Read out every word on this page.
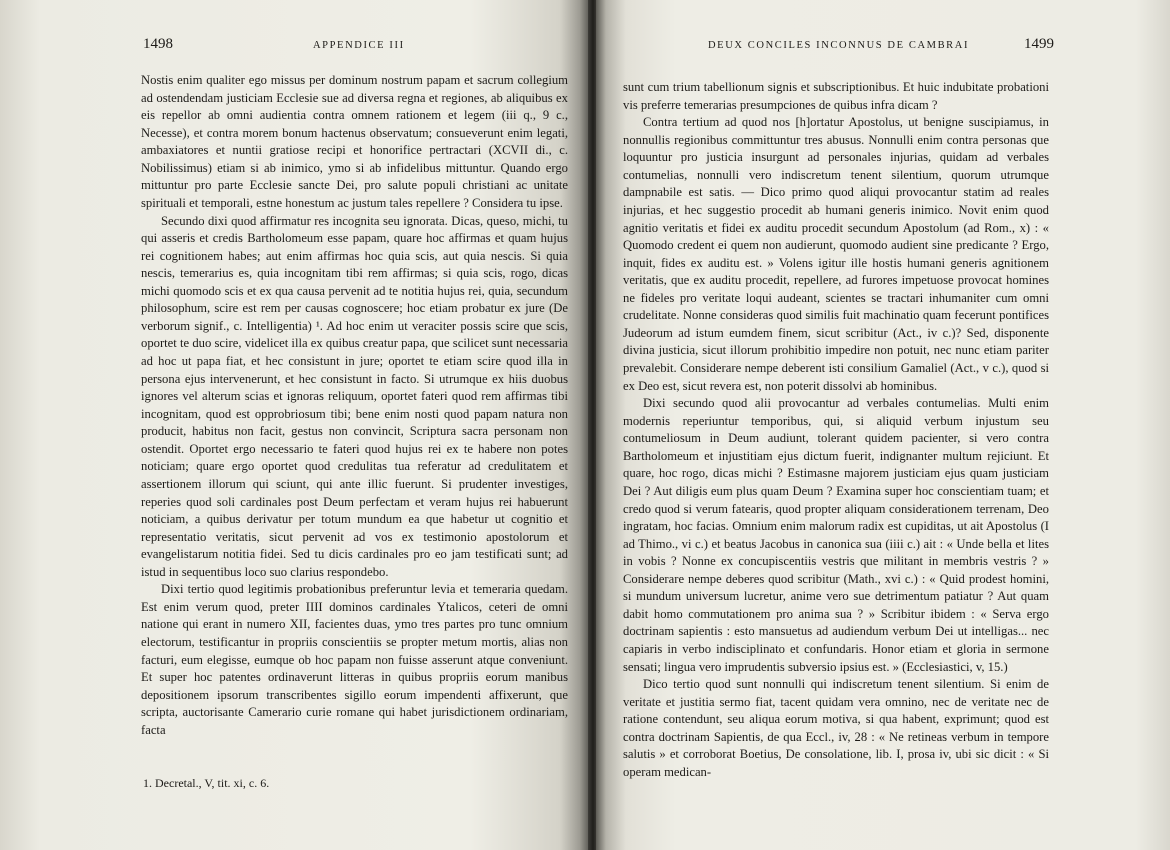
1498	APPENDICE III

Nostis enim qualiter ego missus per dominum nostrum papam et sacrum collegium ad ostendendam justiciam Ecclesie sue ad diversa regna et regiones, ab aliquibus ex eis repellor ab omni audientia contra omnem rationem et legem (iii q., 9 c., Necesse), et contra morem bonum hactenus observatum; consueverunt enim legati, ambaxiatores et nuntii gratiose recipi et honorifice pertractari (XCVII di., c. Nobilissimus) etiam si ab inimico, ymo si ab infidelibus mittuntur. Quando ergo mittuntur pro parte Ecclesie sancte Dei, pro salute populi christiani ac unitate spirituali et temporali, estne honestum ac justum tales repellere ? Considera tu ipse.

Secundo dixi quod affirmatur res incognita seu ignorata. Dicas, queso, michi, tu qui asseris et credis Bartholomeum esse papam, quare hoc affirmas et quam hujus rei cognitionem habes; aut enim affirmas hoc quia scis, aut quia nescis. Si quia nescis, temerarius es, quia incognitam tibi rem affirmas; si quia scis, rogo, dicas michi quomodo scis et ex qua causa pervenit ad te notitia hujus rei, quia, secundum philosophum, scire est rem per causas cognoscere; hoc etiam probatur ex jure (De verborum signif., c. Intelligentia) ¹. Ad hoc enim ut veraciter possis scire que scis, oportet te duo scire, videlicet illa ex quibus creatur papa, que scilicet sunt necessaria ad hoc ut papa fiat, et hec consistunt in jure; oportet te etiam scire quod illa in persona ejus intervenerunt, et hec consistunt in facto. Si utrumque ex hiis duobus ignores vel alterum scias et ignoras reliquum, oportet fateri quod rem affirmas tibi incognitam, quod est opprobriosum tibi; bene enim nosti quod papam natura non producit, habitus non facit, gestus non convincit, Scriptura sacra personam non ostendit. Oportet ergo necessario te fateri quod hujus rei ex te habere non potes noticiam; quare ergo oportet quod credulitas tua referatur ad credulitatem et assertionem illorum qui sciunt, qui ante illic fuerunt. Si prudenter investiges, reperies quod soli cardinales post Deum perfectam et veram hujus rei habuerunt noticiam, a quibus derivatur per totum mundum ea que habetur ut cognitio et representatio veritatis, sicut pervenit ad vos ex testimonio apostolorum et evangelistarum notitia fidei. Sed tu dicis cardinales pro eo jam testificati sunt; ad istud in sequentibus loco suo clarius respondebo.

Dixi tertio quod legitimis probationibus preferuntur levia et temeraria quedam. Est enim verum quod, preter IIII dominos cardinales Ytalicos, ceteri de omni natione qui erant in numero XII, facientes duas, ymo tres partes pro tunc omnium electorum, testificantur in propriis conscientiis se propter metum mortis, alias non facturi, eum elegisse, eumque ob hoc papam non fuisse asserunt atque conveniunt. Et super hoc patentes ordinaverunt litteras in quibus propriis eorum manibus depositionem ipsorum transcribentes sigillo eorum impendenti affixerunt, que scripta, auctorisante Camerario curie romane qui habet jurisdictionem ordinariam, facta

1. Decretal., V, tit. xi, c. 6.
DEUX CONCILES INCONNUS DE CAMBRAI	1499

sunt cum trium tabellionum signis et subscriptionibus. Et huic indubitate probationi vis preferre temerarias presumpciones de quibus infra dicam ?

Contra tertium ad quod nos [h]ortatur Apostolus, ut benigne suscipiamus, in nonnullis regionibus committuntur tres abusus. Nonnulli enim contra personas que loquuntur pro justicia insurgunt ad personales injurias, quidam ad verbales contumelias, nonnulli vero indiscretum tenent silentium, quorum utrumque dampnabile est satis. — Dico primo quod aliqui provocantur statim ad reales injurias, et hec suggestio procedit ab humani generis inimico. Novit enim quod agnitio veritatis et fidei ex auditu procedit secundum Apostolum (ad Rom., x) : « Quomodo credent ei quem non audierunt, quomodo audient sine predicante ? Ergo, inquit, fides ex auditu est. » Volens igitur ille hostis humani generis agnitionem veritatis, que ex auditu procedit, repellere, ad furores impetuose provocat homines ne fideles pro veritate loqui audeant, scientes se tractari inhumaniter cum omni crudelitate. Nonne consideras quod similis fuit machinatio quam fecerunt pontifices Judeorum ad istum eumdem finem, sicut scribitur (Act., iv c.)? Sed, disponente divina justicia, sicut illorum prohibitio impedire non potuit, nec nunc etiam pariter prevalebit. Considerare nempe deberent isti consilium Gamaliel (Act., v c.), quod si ex Deo est, sicut revera est, non poterit dissolvi ab hominibus.

Dixi secundo quod alii provocantur ad verbales contumelias. Multi enim modernis reperiuntur temporibus, qui, si aliquid verbum injustum seu contumeliosum in Deum audiunt, tolerant quidem pacienter, si vero contra Bartholomeum et injustitiam ejus dictum fuerit, indignanter multum rejiciunt. Et quare, hoc rogo, dicas michi ? Estimasne majorem justiciam ejus quam justiciam Dei ? Aut diligis eum plus quam Deum ? Examina super hoc conscientiam tuam; et credo quod si verum fatearis, quod propter aliquam considerationem terrenam, Deo ingratam, hoc facias. Omnium enim malorum radix est cupiditas, ut ait Apostolus (I ad Thimo., vi c.) et beatus Jacobus in canonica sua (iiii c.) ait : « Unde bella et lites in vobis ? Nonne ex concupiscentiis vestris que militant in membris vestris ? » Considerare nempe deberes quod scribitur (Math., xvi c.) : « Quid prodest homini, si mundum universum lucretur, anime vero sue detrimentum patiatur ? Aut quam dabit homo commutationem pro anima sua ? » Scribitur ibidem : « Serva ergo doctrinam sapientis : esto mansuetus ad audiendum verbum Dei ut intelligas... nec capiaris in verbo indisciplinato et confundaris. Honor etiam et gloria in sermone sensati; lingua vero imprudentis subversio ipsius est. » (Ecclesiastici, v, 15.)

Dico tertio quod sunt nonnulli qui indiscretum tenent silentium. Si enim de veritate et justitia sermo fiat, tacent quidam vera omnino, nec de veritate nec de ratione contendunt, seu aliqua eorum motiva, si qua habent, exprimunt; quod est contra doctrinam Sapientis, de qua Eccl., iv, 28 : « Ne retineas verbum in tempore salutis » et corroborat Boetius, De consolatione, lib. I, prosa iv, ubi sic dicit : « Si operam medican-
